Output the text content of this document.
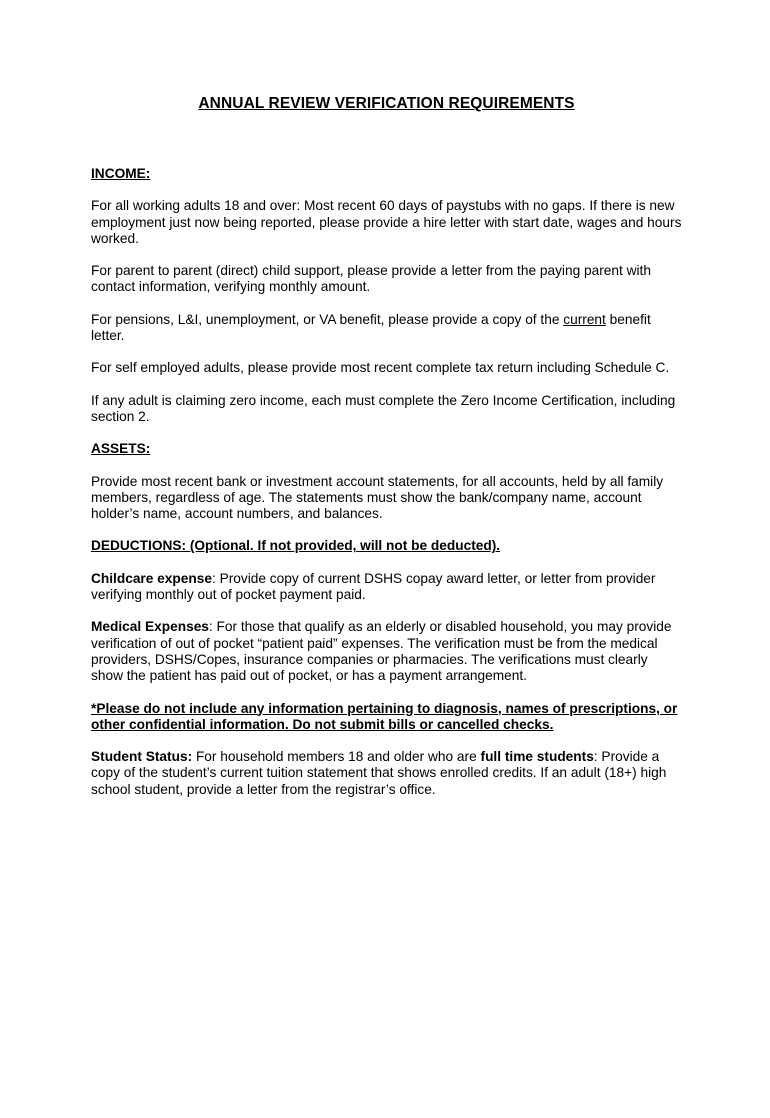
ANNUAL REVIEW VERIFICATION REQUIREMENTS

INCOME:

For all working adults 18 and over: Most recent 60 days of paystubs with no gaps. If there is new employment just now being reported, please provide a hire letter with start date, wages and hours worked.

For parent to parent (direct) child support, please provide a letter from the paying parent with contact information, verifying monthly amount.

For pensions, L&I, unemployment, or VA benefit, please provide a copy of the current benefit letter.

For self employed adults, please provide most recent complete tax return including Schedule C.

If any adult is claiming zero income, each must complete the Zero Income Certification, including section 2.

ASSETS:

Provide most recent bank or investment account statements, for all accounts, held by all family members, regardless of age. The statements must show the bank/company name, account holder’s name, account numbers, and balances.

DEDUCTIONS: (Optional. If not provided, will not be deducted).

Childcare expense: Provide copy of current DSHS copay award letter, or letter from provider verifying monthly out of pocket payment paid.

Medical Expenses: For those that qualify as an elderly or disabled household, you may provide verification of out of pocket “patient paid” expenses. The verification must be from the medical providers, DSHS/Copes, insurance companies or pharmacies. The verifications must clearly show the patient has paid out of pocket, or has a payment arrangement.

*Please do not include any information pertaining to diagnosis, names of prescriptions, or other confidential information. Do not submit bills or cancelled checks.

Student Status: For household members 18 and older who are full time students: Provide a copy of the student’s current tuition statement that shows enrolled credits. If an adult (18+) high school student, provide a letter from the registrar’s office.
